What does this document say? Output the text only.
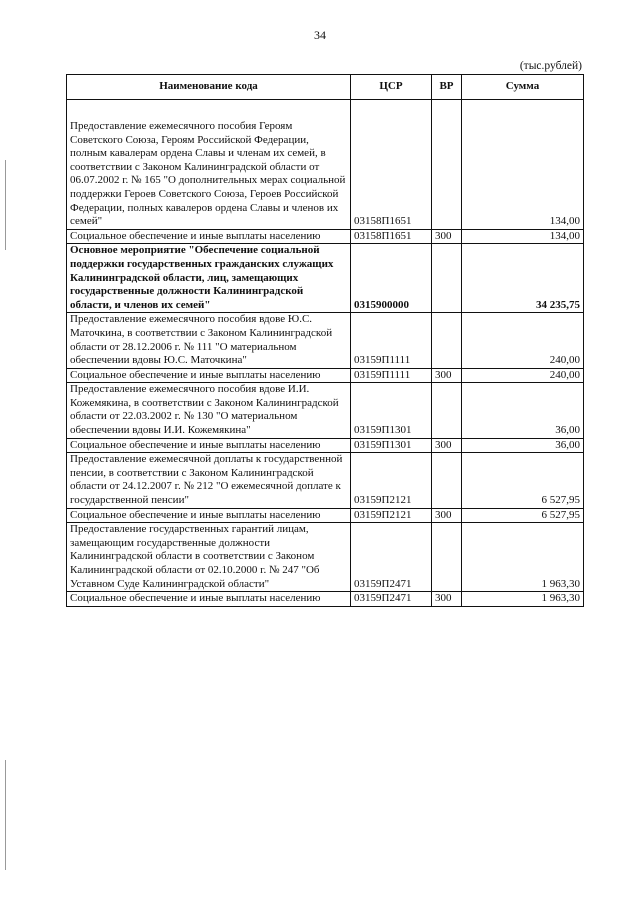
34
(тыс.рублей)
Наименование кода	ЦСР	ВР	Сумма

Предоставление ежемесячного пособия Героям Советского Союза, Героям Российской Федерации, полным кавалерам ордена Славы и членам их семей, в соответствии с Законом Калининградской области от 06.07.2002 г. № 165 "О дополнительных мерах социальной поддержки Героев Советского Союза, Героев Российской Федерации, полных кавалеров ордена Славы и членов их семей"	03158П1651		134,00
Социальное обеспечение и иные выплаты населению	03158П1651	300	134,00
Основное мероприятие "Обеспечение социальной поддержки государственных гражданских служащих Калининградской области, лиц, замещающих государственные должности Калининградской области, и членов их семей"	0315900000		34 235,75
Предоставление ежемесячного пособия вдове Ю.С. Маточкина, в соответствии с Законом Калининградской области от 28.12.2006 г. № 111 "О материальном обеспечении вдовы Ю.С. Маточкина"	03159П1111		240,00
Социальное обеспечение и иные выплаты населению	03159П1111	300	240,00
Предоставление ежемесячного пособия вдове И.И. Кожемякина, в соответствии с Законом Калининградской области от 22.03.2002 г. № 130 "О материальном обеспечении вдовы И.И. Кожемякина"	03159П1301		36,00
Социальное обеспечение и иные выплаты населению	03159П1301	300	36,00
Предоставление ежемесячной доплаты к государственной пенсии, в соответствии с Законом Калининградской области от 24.12.2007 г. № 212 "О ежемесячной доплате к государственной пенсии"	03159П2121		6 527,95
Социальное обеспечение и иные выплаты населению	03159П2121	300	6 527,95
Предоставление государственных гарантий лицам, замещающим государственные должности Калининградской области в соответствии с Законом Калининградской области от 02.10.2000 г. № 247 "Об Уставном Суде Калининградской области"	03159П2471		1 963,30
Социальное обеспечение и иные выплаты населению	03159П2471	300	1 963,30
